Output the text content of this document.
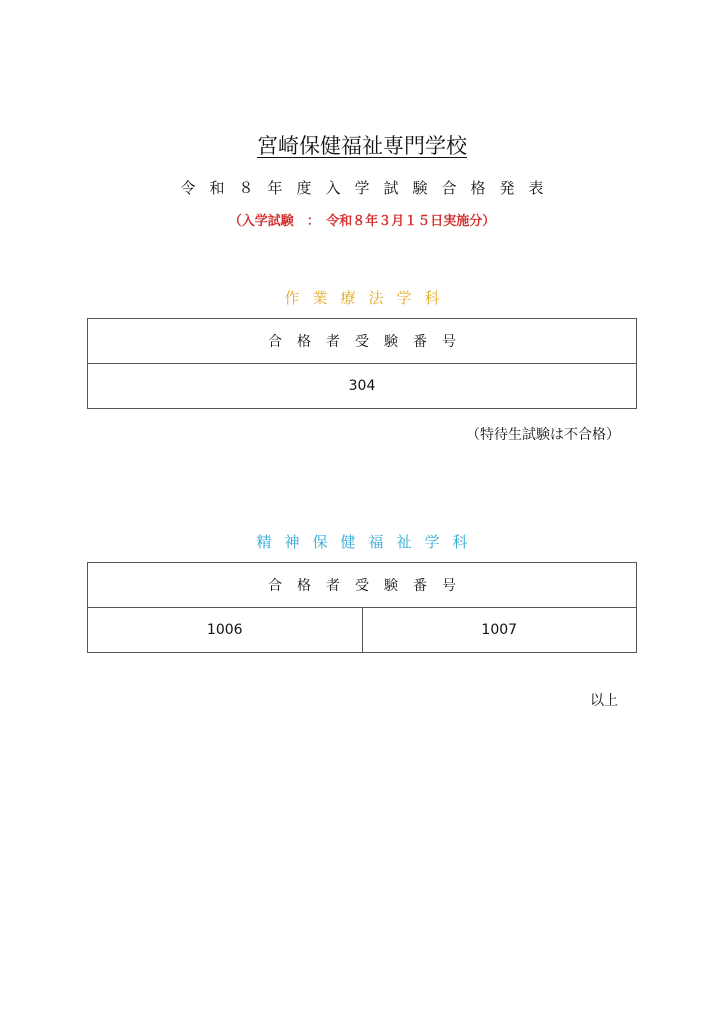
宮崎保健福祉専門学校
令和８年度入学試験合格発表
（入学試験　：　令和８年３月１５日実施分）
作業療法学科
合格者受験番号
304
（特待生試験は不合格）
精神保健福祉学科
合格者受験番号
1006	1007
以上
